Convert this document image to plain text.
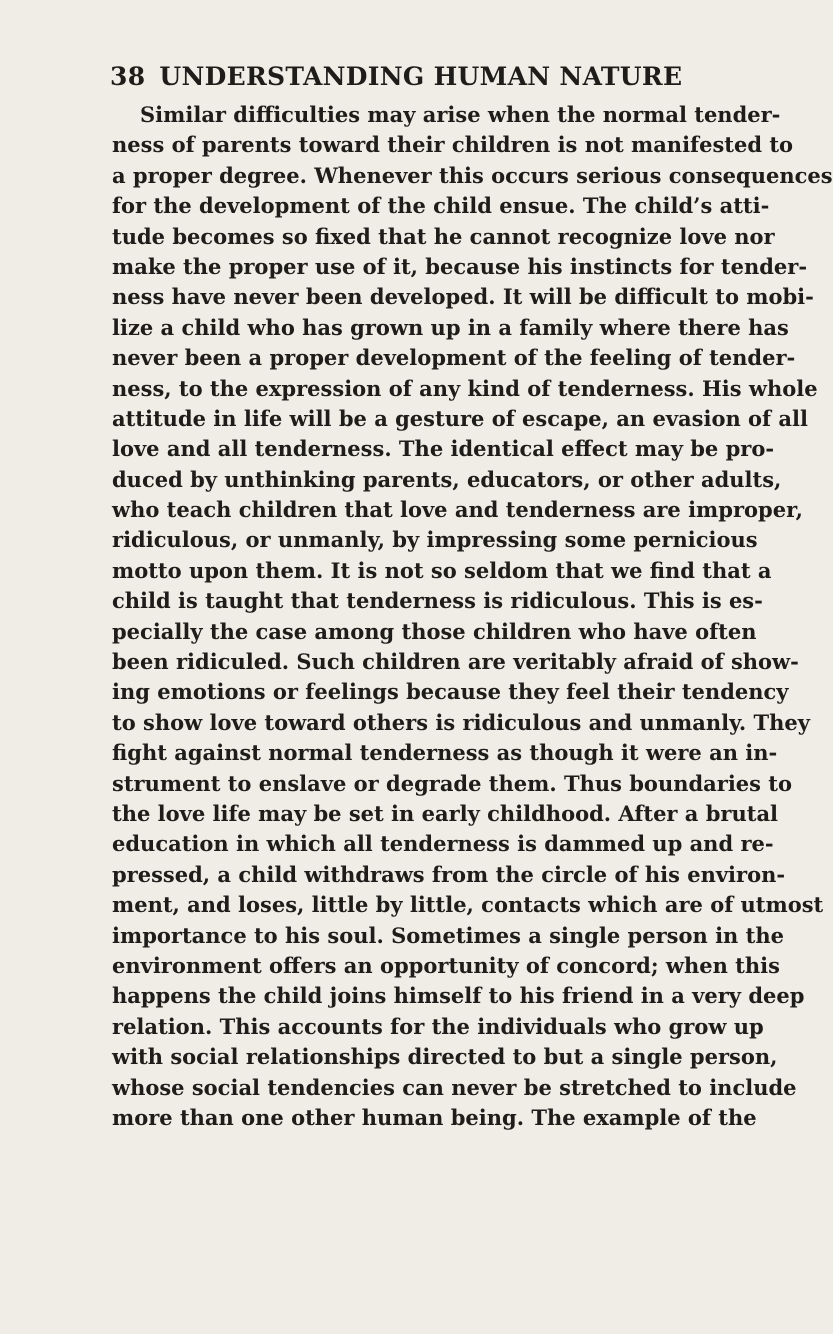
38 UNDERSTANDING HUMAN NATURE
Similar difficulties may arise when the normal tender-
ness of parents toward their children is not manifested to
a proper degree. Whenever this occurs serious consequences
for the development of the child ensue. The child’s atti-
tude becomes so fixed that he cannot recognize love nor
make the proper use of it, because his instincts for tender-
ness have never been developed. It will be difficult to mobi-
lize a child who has grown up in a family where there has
never been a proper development of the feeling of tender-
ness, to the expression of any kind of tenderness. His whole
attitude in life will be a gesture of escape, an evasion of all
love and all tenderness. The identical effect may be pro-
duced by unthinking parents, educators, or other adults,
who teach children that love and tenderness are improper,
ridiculous, or unmanly, by impressing some pernicious
motto upon them. It is not so seldom that we find that a
child is taught that tenderness is ridiculous. This is es-
pecially the case among those children who have often
been ridiculed. Such children are veritably afraid of show-
ing emotions or feelings because they feel their tendency
to show love toward others is ridiculous and unmanly. They
fight against normal tenderness as though it were an in-
strument to enslave or degrade them. Thus boundaries to
the love life may be set in early childhood. After a brutal
education in which all tenderness is dammed up and re-
pressed, a child withdraws from the circle of his environ-
ment, and loses, little by little, contacts which are of utmost
importance to his soul. Sometimes a single person in the
environment offers an opportunity of concord; when this
happens the child joins himself to his friend in a very deep
relation. This accounts for the individuals who grow up
with social relationships directed to but a single person,
whose social tendencies can never be stretched to include
more than one other human being. The example of the
